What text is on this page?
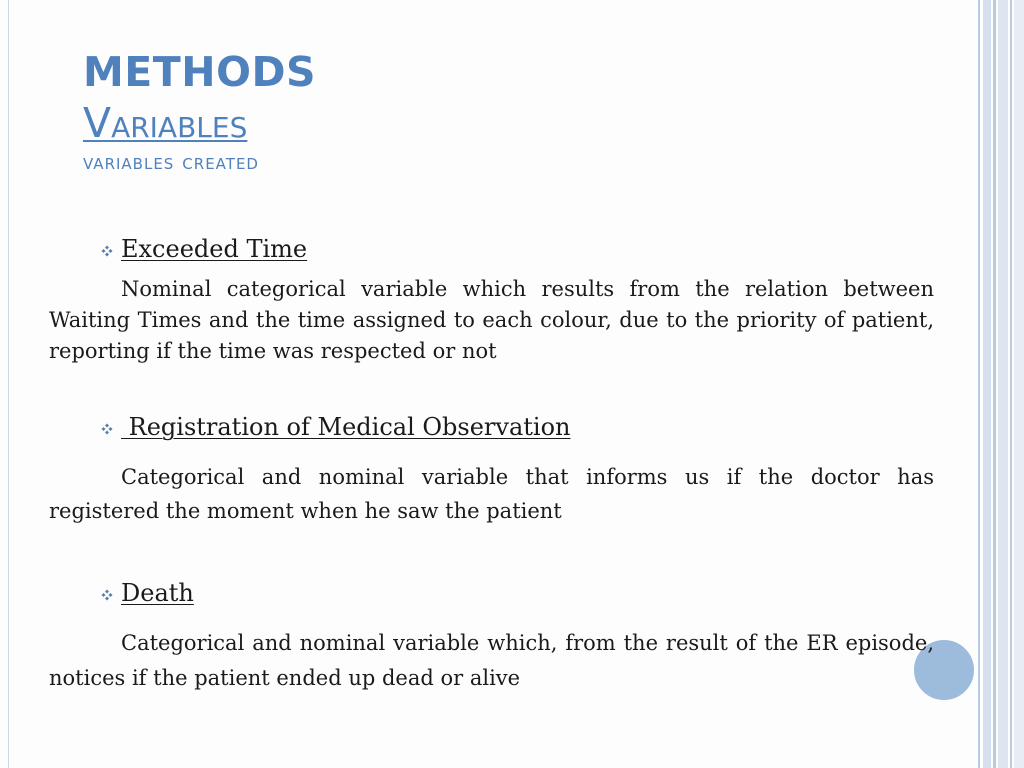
METHODS

Variables

variables created

Exceeded Time

Nominal categorical variable which results from the relation between Waiting Times and the time assigned to each colour, due to the priority of patient, reporting if the time was respected or not

Registration of Medical Observation

Categorical and nominal variable that informs us if the doctor has registered the moment when he saw the patient

Death

Categorical and nominal variable which, from the result of the ER episode, notices if the patient ended up dead or alive
